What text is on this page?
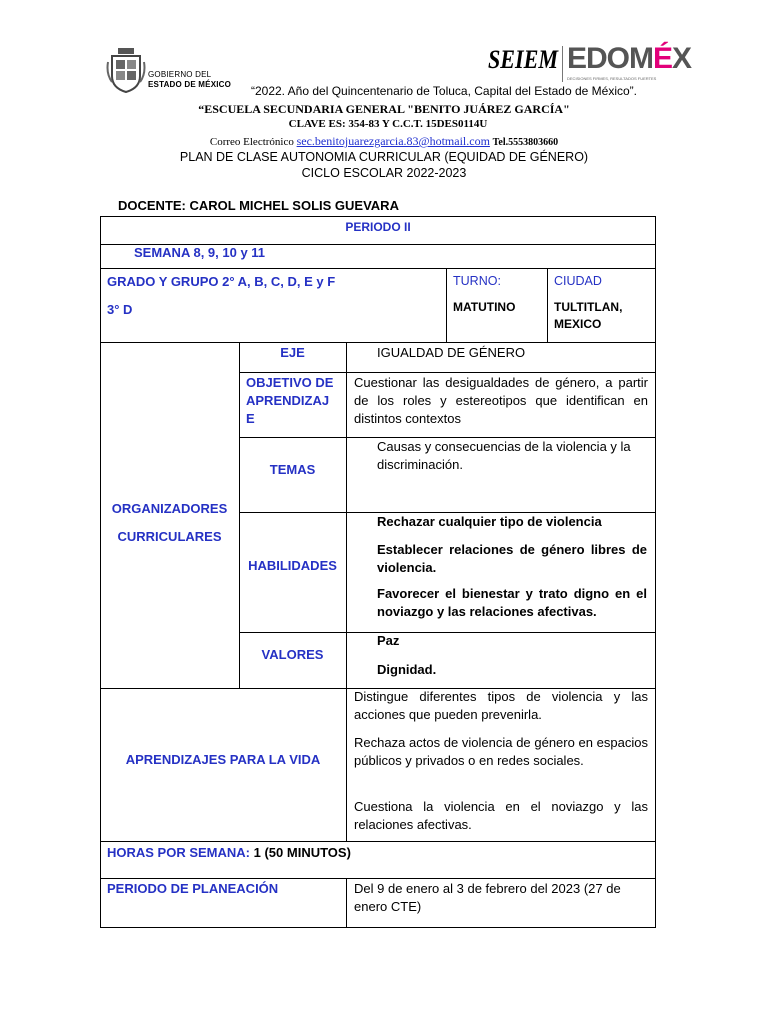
GOBIERNO DEL
ESTADO DE MÉXICO
SEIEM EDOMÉX
DECISIONES FIRMES, RESULTADOS FUERTES
“2022. Año del Quincentenario de Toluca, Capital del Estado de México”.
“ESCUELA SECUNDARIA GENERAL "BENITO JUÁREZ GARCÍA"
CLAVE ES: 354-83 Y C.C.T. 15DES0114U
Correo Electrónico sec.benitojuarezgarcia.83@hotmail.com Tel.5553803660
PLAN DE CLASE AUTONOMIA CURRICULAR (EQUIDAD DE GÉNERO)
CICLO ESCOLAR 2022-2023
DOCENTE: CAROL MICHEL SOLIS GUEVARA
PERIODO II
SEMANA 8, 9, 10 y 11
GRADO Y GRUPO 2° A, B, C, D, E y F
3° D
TURNO:
MATUTINO
CIUDAD
TULTITLAN,
MEXICO
ORGANIZADORES
CURRICULARES
EJE	IGUALDAD DE GÉNERO
OBJETIVO DE
APRENDIZAJ
E
Cuestionar las desigualdades de género, a partir de los roles y estereotipos que identifican en distintos contextos
TEMAS
Causas y consecuencias de la violencia y la discriminación.
HABILIDADES
Rechazar cualquier tipo de violencia
Establecer relaciones de género libres de violencia.
Favorecer el bienestar y trato digno en el noviazgo y las relaciones afectivas.
VALORES
Paz
Dignidad.
APRENDIZAJES PARA LA VIDA
Distingue diferentes tipos de violencia y las acciones que pueden prevenirla.
Rechaza actos de violencia de género en espacios públicos y privados o en redes sociales.
Cuestiona la violencia en el noviazgo y las relaciones afectivas.
HORAS POR SEMANA: 1 (50 MINUTOS)
PERIODO DE PLANEACIÓN	Del 9 de enero al 3 de febrero del 2023 (27 de enero CTE)
